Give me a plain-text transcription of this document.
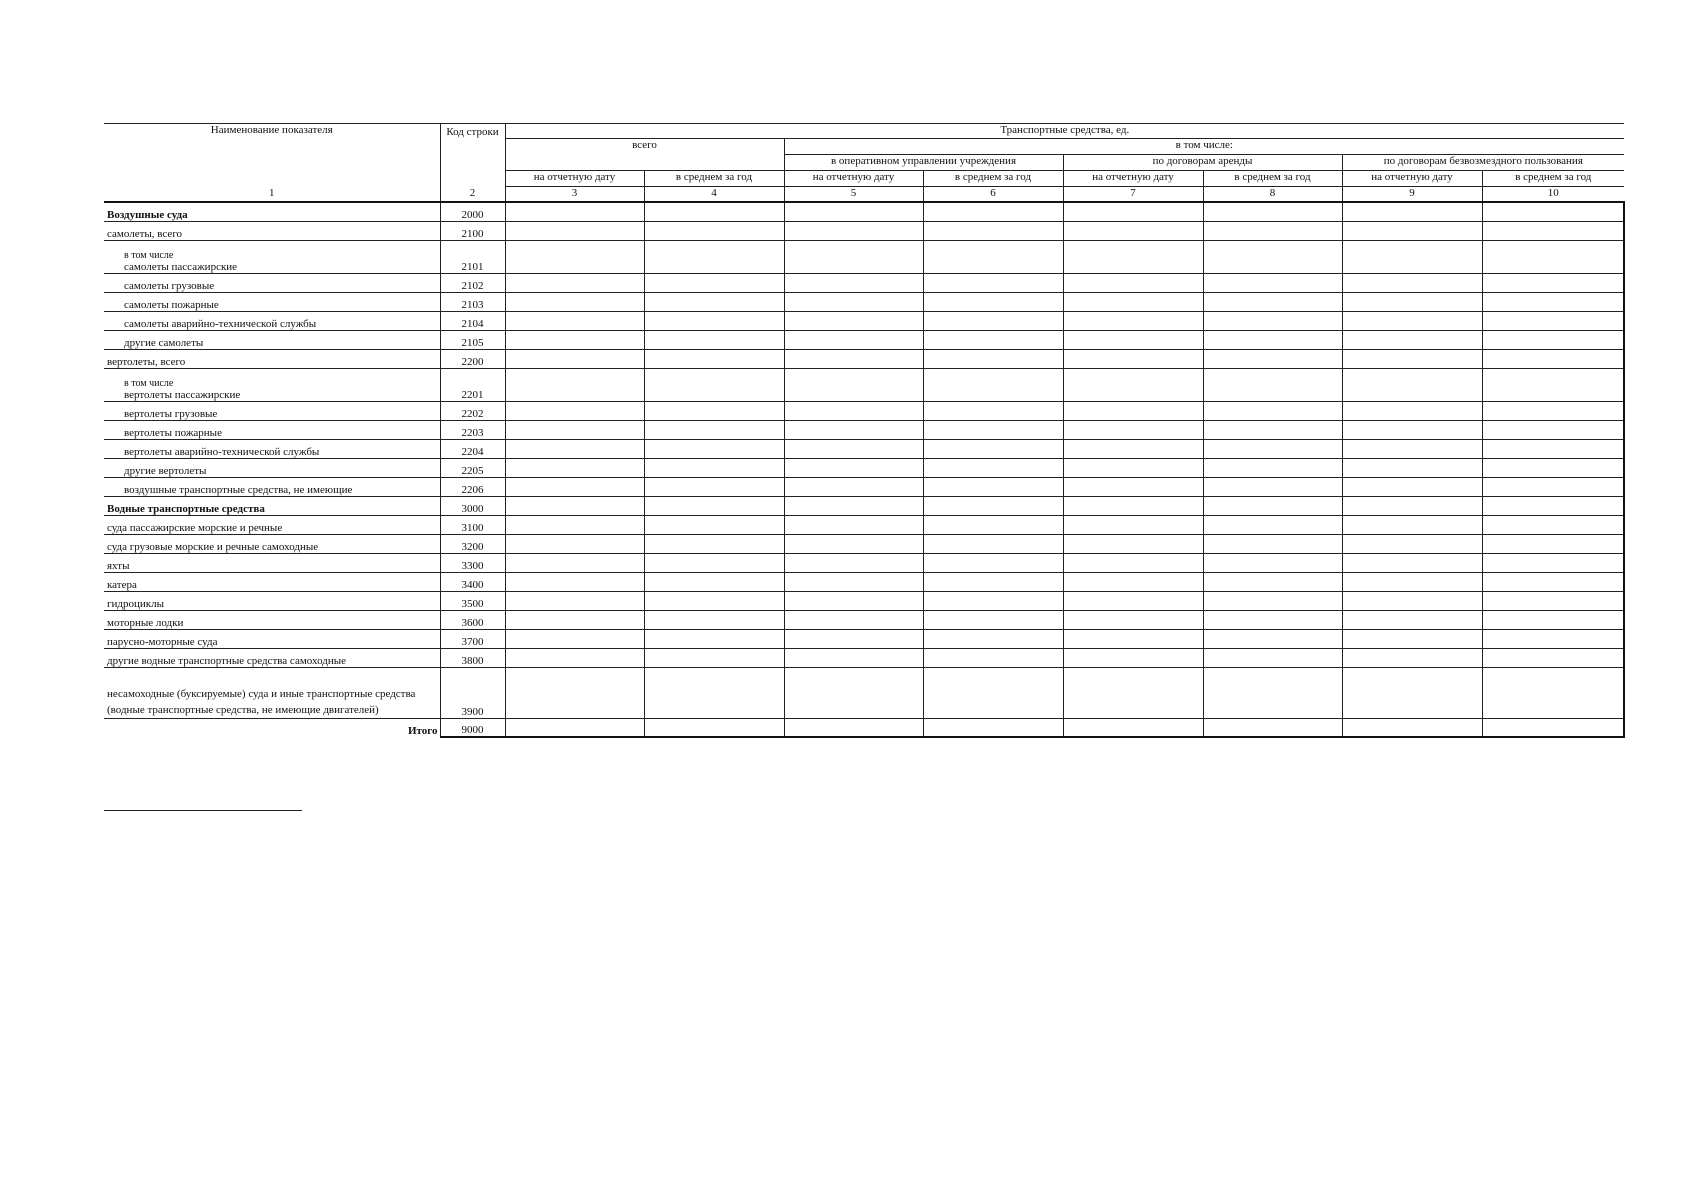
Наименование показателя	Код строки	Транспортные средства, ед.							
		всего		в том числе:					
				в оперативном управлении учреждения		по договорам аренды		по договорам безвозмездного пользования	
		на отчетную дату	в среднем за год	на отчетную дату	в среднем за год	на отчетную дату	в среднем за год	на отчетную дату	в среднем за год
1	2	3	4	5	6	7	8	9	10
Воздушные суда	2000								
самолеты, всего	2100								

в том числе
самолеты пассажирские	2101								
самолеты грузовые	2102								
самолеты пожарные	2103								
самолеты аварийно-технической службы	2104								
другие самолеты	2105								
вертолеты, всего	2200								

в том числе
вертолеты пассажирские	2201								
вертолеты грузовые	2202								
вертолеты пожарные	2203								
вертолеты аварийно-технической службы	2204								
другие вертолеты	2205								
воздушные транспортные средства, не имеющие	2206								
Водные транспортные средства	3000								
суда пассажирские морские и речные	3100								
суда грузовые морские и речные самоходные	3200								
яхты	3300								
катера	3400								
гидроциклы	3500								
моторные лодки	3600								
парусно-моторные суда	3700								
другие водные транспортные средства самоходные	3800								
несамоходные (буксируемые) суда и иные транспортные средства (водные транспортные средства, не имеющие двигателей)	3900								
Итого	9000								
